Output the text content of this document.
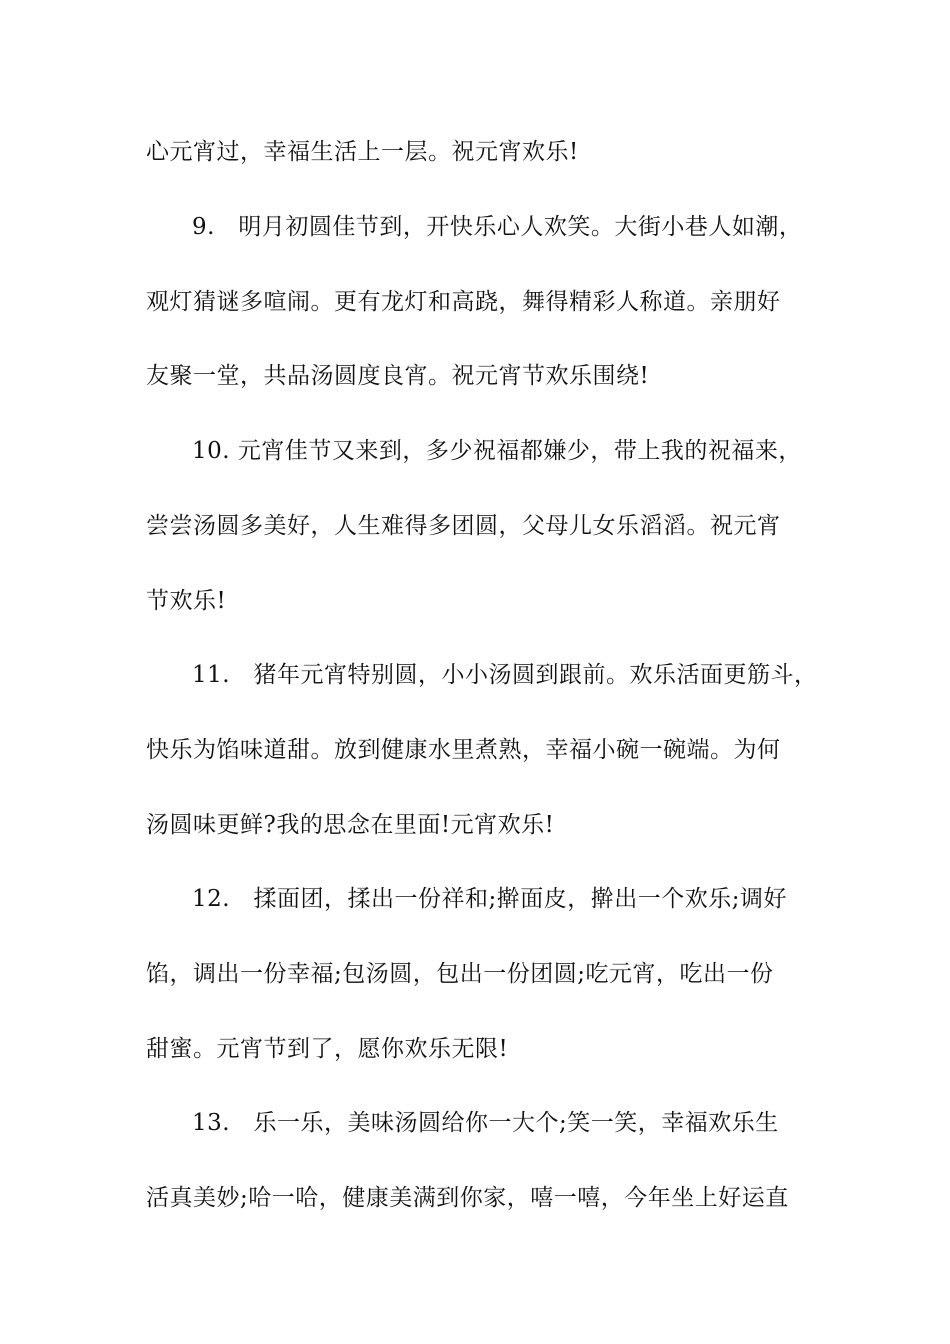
心元宵过，幸福生活上一层。祝元宵欢乐!
9.   明月初圆佳节到，开快乐心人欢笑。大街小巷人如潮，
观灯猜谜多喧闹。更有龙灯和高跷，舞得精彩人称道。亲朋好
友聚一堂，共品汤圆度良宵。祝元宵节欢乐围绕!
10. 元宵佳节又来到，多少祝福都嫌少，带上我的祝福来，
尝尝汤圆多美好，人生难得多团圆，父母儿女乐滔滔。祝元宵
节欢乐!
11.   猪年元宵特别圆，小小汤圆到跟前。欢乐活面更筋斗，
快乐为馅味道甜。放到健康水里煮熟，幸福小碗一碗端。为何
汤圆味更鲜?我的思念在里面!元宵欢乐!
12.   揉面团，揉出一份祥和;擀面皮，擀出一个欢乐;调好
馅，调出一份幸福;包汤圆，包出一份团圆;吃元宵，吃出一份
甜蜜。元宵节到了，愿你欢乐无限!
13.   乐一乐，美味汤圆给你一大个;笑一笑，幸福欢乐生
活真美妙;哈一哈，健康美满到你家，嘻一嘻，今年坐上好运直
